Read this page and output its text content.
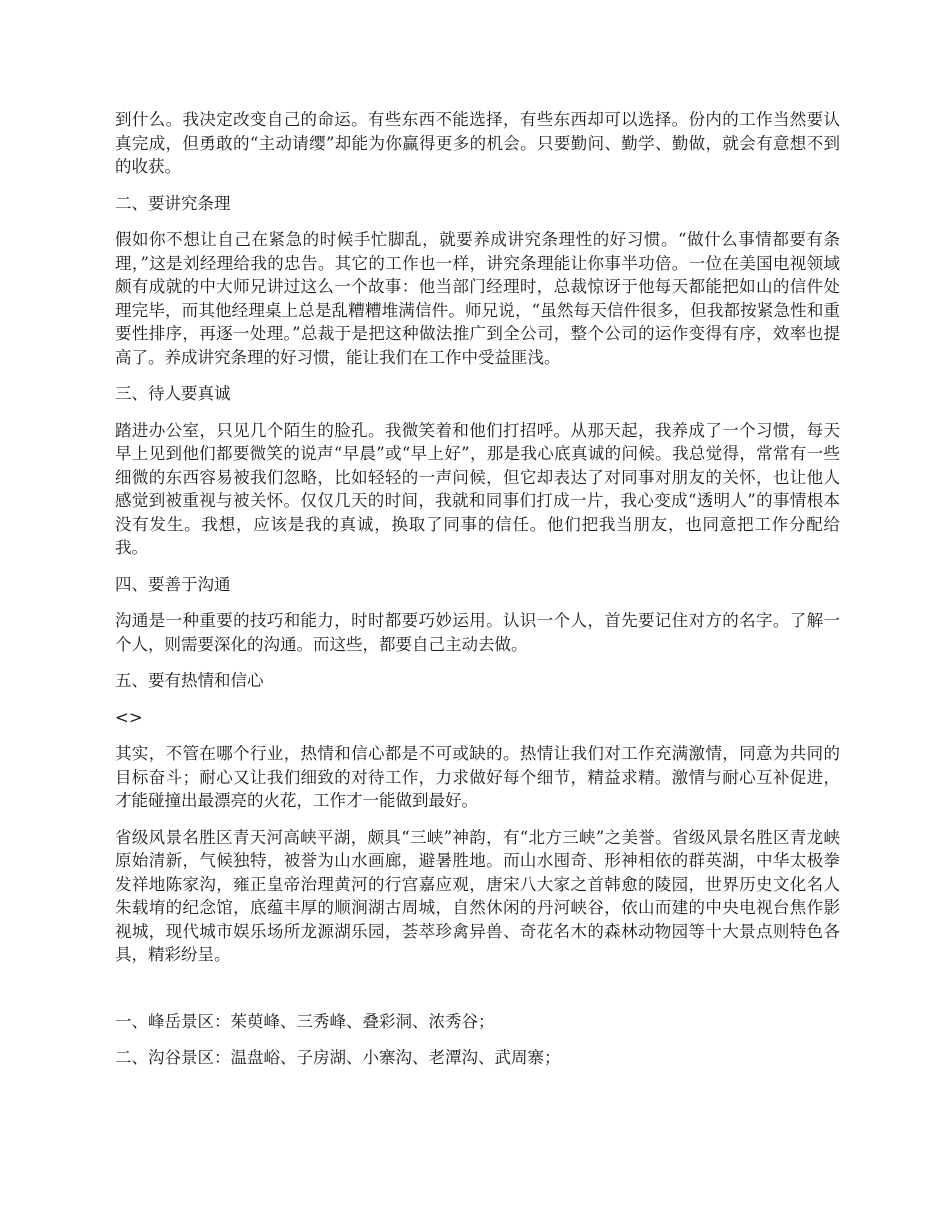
到什么。我决定改变自己的命运。有些东西不能选择，有些东西却可以选择。份内的工作当然要认真完成，但勇敢的“主动请缨”却能为你赢得更多的机会。只要勤问、勤学、勤做，就会有意想不到的收获。

二、要讲究条理

假如你不想让自己在紧急的时候手忙脚乱，就要养成讲究条理性的好习惯。“做什么事情都要有条理，”这是刘经理给我的忠告。其它的工作也一样，讲究条理能让你事半功倍。一位在美国电视领域颇有成就的中大师兄讲过这么一个故事：他当部门经理时，总裁惊讶于他每天都能把如山的信件处理完毕，而其他经理桌上总是乱糟糟堆满信件。师兄说，“虽然每天信件很多，但我都按紧急性和重要性排序，再逐一处理。”总裁于是把这种做法推广到全公司，整个公司的运作变得有序，效率也提高了。养成讲究条理的好习惯，能让我们在工作中受益匪浅。

三、待人要真诚

踏进办公室，只见几个陌生的脸孔。我微笑着和他们打招呼。从那天起，我养成了一个习惯，每天早上见到他们都要微笑的说声“早晨”或“早上好”，那是我心底真诚的问候。我总觉得，常常有一些细微的东西容易被我们忽略，比如轻轻的一声问候，但它却表达了对同事对朋友的关怀，也让他人感觉到被重视与被关怀。仅仅几天的时间，我就和同事们打成一片，我心变成“透明人”的事情根本没有发生。我想，应该是我的真诚，换取了同事的信任。他们把我当朋友，也同意把工作分配给我。

四、要善于沟通

沟通是一种重要的技巧和能力，时时都要巧妙运用。认识一个人，首先要记住对方的名字。了解一个人，则需要深化的沟通。而这些，都要自己主动去做。

五、要有热情和信心

<>

其实，不管在哪个行业，热情和信心都是不可或缺的。热情让我们对工作充满激情，同意为共同的目标奋斗；耐心又让我们细致的对待工作，力求做好每个细节，精益求精。激情与耐心互补促进，才能碰撞出最漂亮的火花，工作才一能做到最好。

省级风景名胜区青天河高峡平湖，颇具“三峡”神韵，有“北方三峡”之美誉。省级风景名胜区青龙峡原始清新，气候独特，被誉为山水画廊，避暑胜地。而山水囤奇、形神相依的群英湖，中华太极拳发祥地陈家沟，雍正皇帝治理黄河的行宫嘉应观，唐宋八大家之首韩愈的陵园，世界历史文化名人朱载堉的纪念馆，底蕴丰厚的顺涧湖古周城，自然休闲的丹河峡谷，依山而建的中央电视台焦作影视城，现代城市娱乐场所龙源湖乐园，荟萃珍禽异兽、奇花名木的森林动物园等十大景点则特色各具，精彩纷呈。

一、峰岳景区：茱萸峰、三秀峰、叠彩洞、浓秀谷；

二、沟谷景区：温盘峪、子房湖、小寨沟、老潭沟、武周寨；
